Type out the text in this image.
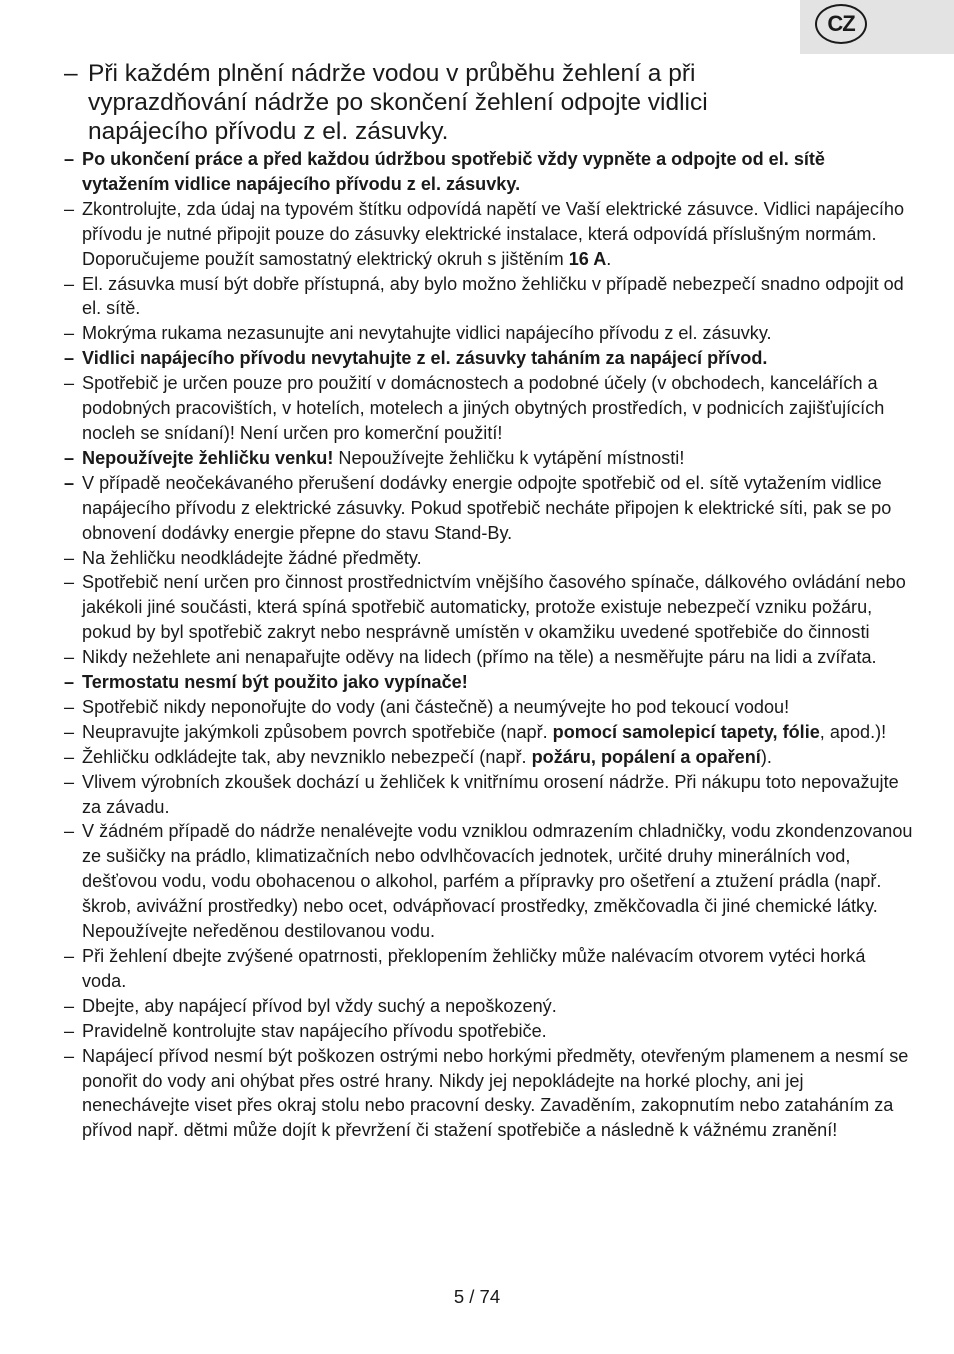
CZ
– Při každém plnění nádrže vodou v průběhu žehlení a při vyprazdňování nádrže po skončení žehlení odpojte vidlici napájecího přívodu z el. zásuvky.
– Po ukončení práce a před každou údržbou spotřebič vždy vypněte a odpojte od el. sítě vytažením vidlice napájecího přívodu z el. zásuvky.
– Zkontrolujte, zda údaj na typovém štítku odpovídá napětí ve Vaší elektrické zásuvce. Vidlici napájecího přívodu je nutné připojit pouze do zásuvky elektrické instalace, která odpovídá příslušným normám. Doporučujeme použít samostatný elektrický okruh s jištěním 16 A.
– El. zásuvka musí být dobře přístupná, aby bylo možno žehličku v případě nebezpečí snadno odpojit od el. sítě.
– Mokrýma rukama nezasunujte ani nevytahujte vidlici napájecího přívodu z el. zásuvky.
– Vidlici napájecího přívodu nevytahujte z el. zásuvky taháním za napájecí přívod.
– Spotřebič je určen pouze pro použití v domácnostech a podobné účely (v obchodech, kancelářích a podobných pracovištích, v hotelích, motelech a jiných obytných prostředích, v podnicích zajišťujících nocleh se snídaní)! Není určen pro komerční použití!
– Nepoužívejte žehličku venku! Nepoužívejte žehličku k vytápění místnosti!
– V případě neočekávaného přerušení dodávky energie odpojte spotřebič od el. sítě vytažením vidlice napájecího přívodu z elektrické zásuvky. Pokud spotřebič necháte připojen k elektrické síti, pak se po obnovení dodávky energie přepne do stavu Stand-By.
– Na žehličku neodkládejte žádné předměty.
– Spotřebič není určen pro činnost prostřednictvím vnějšího časového spínače, dálkového ovládání nebo jakékoli jiné součásti, která spíná spotřebič automaticky, protože existuje nebezpečí vzniku požáru, pokud by byl spotřebič zakryt nebo nesprávně umístěn v okamžiku uvedené spotřebiče do činnosti
– Nikdy nežehlete ani nenapařujte oděvy na lidech (přímo na těle) a nesměřujte páru na lidi a zvířata.
– Termostatu nesmí být použito jako vypínače!
– Spotřebič nikdy neponořujte do vody (ani částečně) a neumývejte ho pod tekoucí vodou!
– Neupravujte jakýmkoli způsobem povrch spotřebiče (např. pomocí samolepicí tapety, fólie, apod.)!
– Žehličku odkládejte tak, aby nevzniklo nebezpečí (např. požáru, popálení a opaření).
– Vlivem výrobních zkoušek dochází u žehliček k vnitřnímu orosení nádrže. Při nákupu toto nepovažujte za závadu.
– V žádném případě do nádrže nenalévejte vodu vzniklou odmrazením chladničky, vodu zkondenzovanou ze sušičky na prádlo, klimatizačních nebo odvlhčovacích jednotek, určité druhy minerálních vod, dešťovou vodu, vodu obohacenou o alkohol, parfém a přípravky pro ošetření a ztužení prádla (např. škrob, avivážní prostředky) nebo ocet, odvápňovací prostředky, změkčovadla či jiné chemické látky. Nepoužívejte neředěnou destilovanou vodu.
– Při žehlení dbejte zvýšené opatrnosti, překlopením žehličky může nalévacím otvorem vytéci horká voda.
– Dbejte, aby napájecí přívod byl vždy suchý a nepoškozený.
– Pravidelně kontrolujte stav napájecího přívodu spotřebiče.
– Napájecí přívod nesmí být poškozen ostrými nebo horkými předměty, otevřeným plamenem a nesmí se ponořit do vody ani ohýbat přes ostré hrany. Nikdy jej nepokládejte na horké plochy, ani jej nenechávejte viset přes okraj stolu nebo pracovní desky. Zavaděním, zakopnutím nebo zataháním za přívod např. dětmi může dojít k převržení či stažení spotřebiče a následně k vážnému zranění!
5 / 74
